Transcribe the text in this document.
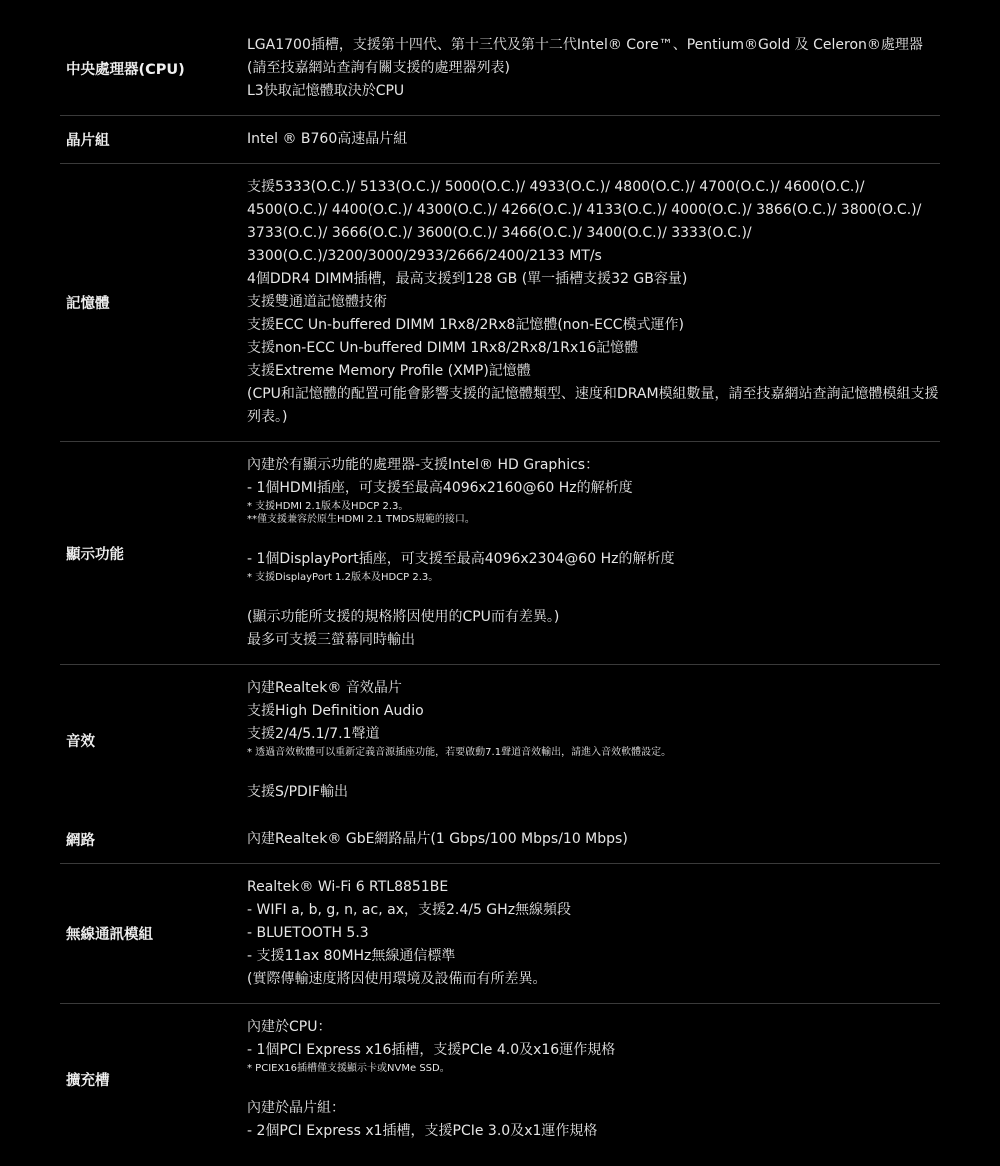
中央處理器(CPU)
LGA1700插槽，支援第十四代、第十三代及第十二代Intel® Core™、Pentium®Gold 及 Celeron®處理器
(請至技嘉網站查詢有關支援的處理器列表)
L3快取記憶體取決於CPU
晶片組	Intel ® B760高速晶片組
記憶體
支援5333(O.C.)/ 5133(O.C.)/ 5000(O.C.)/ 4933(O.C.)/ 4800(O.C.)/ 4700(O.C.)/ 4600(O.C.)/ 4500(O.C.)/ 4400(O.C.)/ 4300(O.C.)/ 4266(O.C.)/ 4133(O.C.)/ 4000(O.C.)/ 3866(O.C.)/ 3800(O.C.)/ 3733(O.C.)/ 3666(O.C.)/ 3600(O.C.)/ 3466(O.C.)/ 3400(O.C.)/ 3333(O.C.)/
3300(O.C.)/3200/3000/2933/2666/2400/2133 MT/s
4個DDR4 DIMM插槽，最高支援到128 GB (單一插槽支援32 GB容量)
支援雙通道記憶體技術
支援ECC Un-buffered DIMM 1Rx8/2Rx8記憶體(non-ECC模式運作)
支援non-ECC Un-buffered DIMM 1Rx8/2Rx8/1Rx16記憶體
支援Extreme Memory Profile (XMP)記憶體
(CPU和記憶體的配置可能會影響支援的記憶體類型、速度和DRAM模組數量，請至技嘉網站查詢記憶體模組支援列表。)
顯示功能
內建於有顯示功能的處理器-支援Intel® HD Graphics：
- 1個HDMI插座，可支援至最高4096x2160@60 Hz的解析度
* 支援HDMI 2.1版本及HDCP 2.3。
**僅支援兼容於原生HDMI 2.1 TMDS規範的接口。
- 1個DisplayPort插座，可支援至最高4096x2304@60 Hz的解析度
* 支援DisplayPort 1.2版本及HDCP 2.3。
(顯示功能所支援的規格將因使用的CPU而有差異。)
最多可支援三螢幕同時輸出
音效
內建Realtek® 音效晶片
支援High Definition Audio
支援2/4/5.1/7.1聲道
* 透過音效軟體可以重新定義音源插座功能，若要啟動7.1聲道音效輸出，請進入音效軟體設定。
支援S/PDIF輸出
網路	內建Realtek® GbE網路晶片(1 Gbps/100 Mbps/10 Mbps)
無線通訊模組
Realtek® Wi-Fi 6 RTL8851BE
- WIFI a, b, g, n, ac, ax，支援2.4/5 GHz無線頻段
- BLUETOOTH 5.3
- 支援11ax 80MHz無線通信標準
(實際傳輸速度將因使用環境及設備而有所差異。
擴充槽
內建於CPU：
- 1個PCI Express x16插槽，支援PCIe 4.0及x16運作規格
* PCIEX16插槽僅支援顯示卡或NVMe SSD。
內建於晶片組：
- 2個PCI Express x1插槽，支援PCIe 3.0及x1運作規格
